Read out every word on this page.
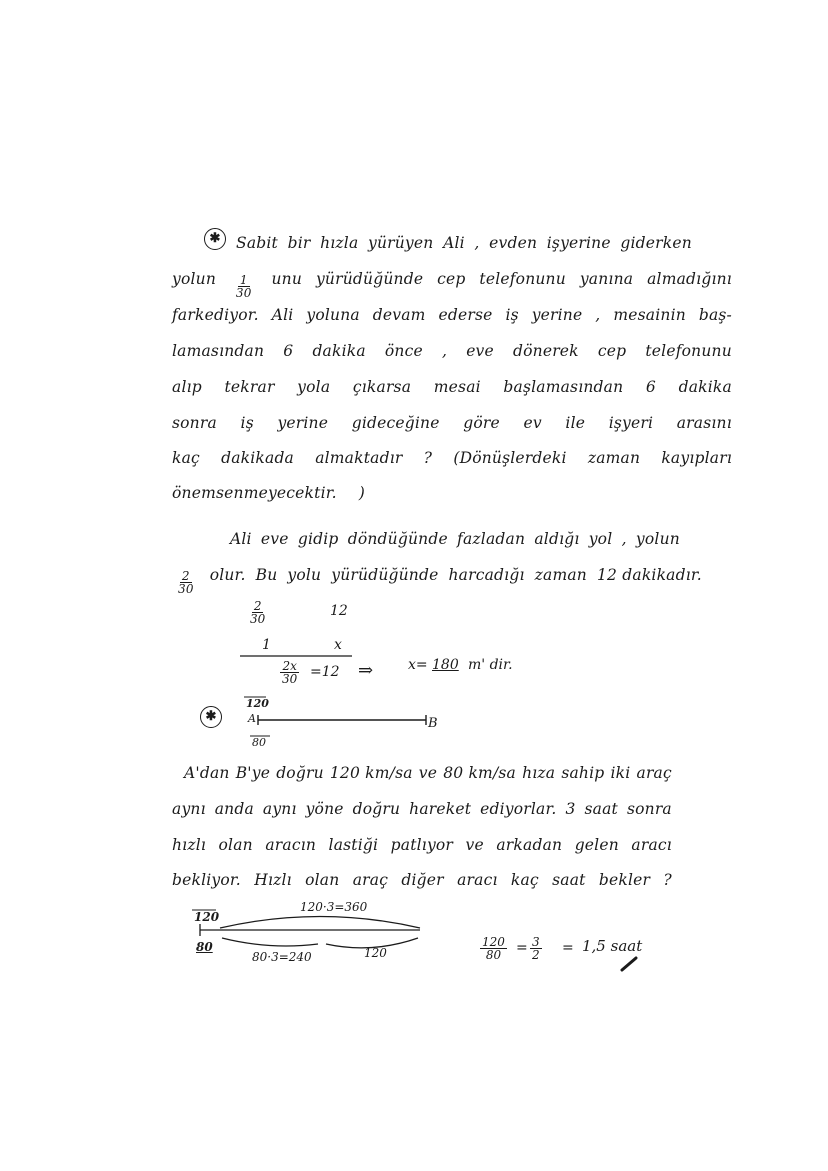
✱	Sabit bir hızla yürüyen Ali , evden işyerine giderken
yolun $\frac{1}{30}$ unu yürüdüğünde cep telefonunu yanına almadığını
farkediyor. Ali yoluna devam ederse iş yerine , mesainin baş-
lamasından 6 dakika önce , eve dönerek cep telefonunu
alıp tekrar yola çıkarsa mesai başlamasından 6 dakika
sonra iş yerine gideceğine göre ev ile işyeri arasını
kaç dakikada almaktadır ? (Dönüşlerdeki zaman kayıpları
önemsenmeyecektir. )
Ali eve gidip döndüğünde fazladan aldığı yol , yolun
$\frac{2}{30}$ olur. Bu yolu yürüdüğünde harcadığı zaman 12 dakikadır.
$\frac{2}{30}$	12
1	x
$\frac{2x}{30} =12$ ⇒ x= 180 m' dir.
✱
120
A	B
80
A'dan B'ye doğru 120 km/sa ve 80 km/sa hıza sahip iki araç
aynı anda aynı yöne doğru hareket ediyorlar. 3 saat sonra
hızlı olan aracın lastiği patlıyor ve arkadan gelen aracı
bekliyor. Hızlı olan araç diğer aracı kaç saat bekler ?
120
80
120·3=360
80·3=240	120	$\frac{120}{80} = \frac{3}{2} = 1,5$ saat
